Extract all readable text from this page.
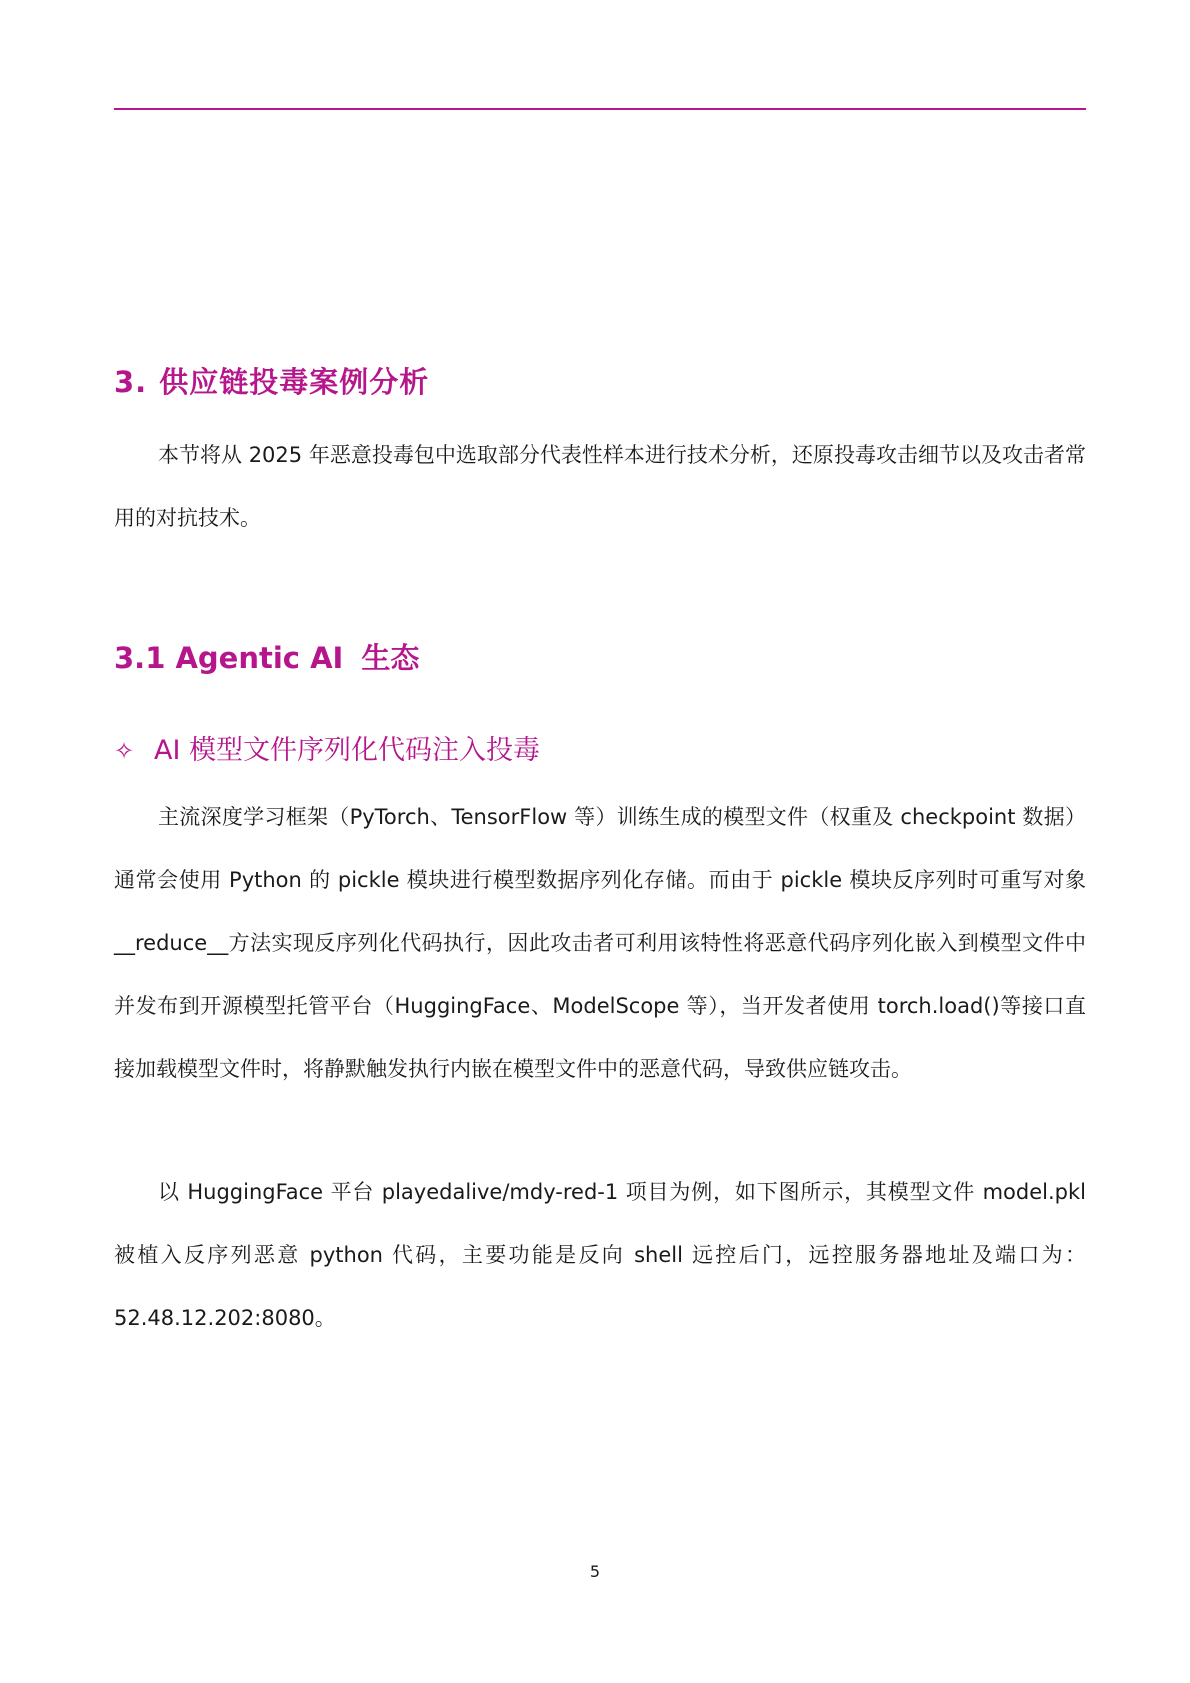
3. 供应链投毒案例分析

本节将从 2025 年恶意投毒包中选取部分代表性样本进行技术分析，还原投毒攻击细节以及攻击者常用的对抗技术。

3.1 Agentic AI 生态
✧ AI 模型文件序列化代码注入投毒

主流深度学习框架（PyTorch、TensorFlow 等）训练生成的模型文件（权重及 checkpoint 数据）通常会使用 Python 的 pickle 模块进行模型数据序列化存储。而由于 pickle 模块反序列时可重写对象__reduce__方法实现反序列化代码执行，因此攻击者可利用该特性将恶意代码序列化嵌入到模型文件中并发布到开源模型托管平台（HuggingFace、ModelScope 等），当开发者使用 torch.load()等接口直接加载模型文件时，将静默触发执行内嵌在模型文件中的恶意代码，导致供应链攻击。

以 HuggingFace 平台 playedalive/mdy-red-1 项目为例，如下图所示，其模型文件 model.pkl 被植入反序列恶意 python 代码，主要功能是反向 shell 远控后门，远控服务器地址及端口为：52.48.12.202:8080。

5
